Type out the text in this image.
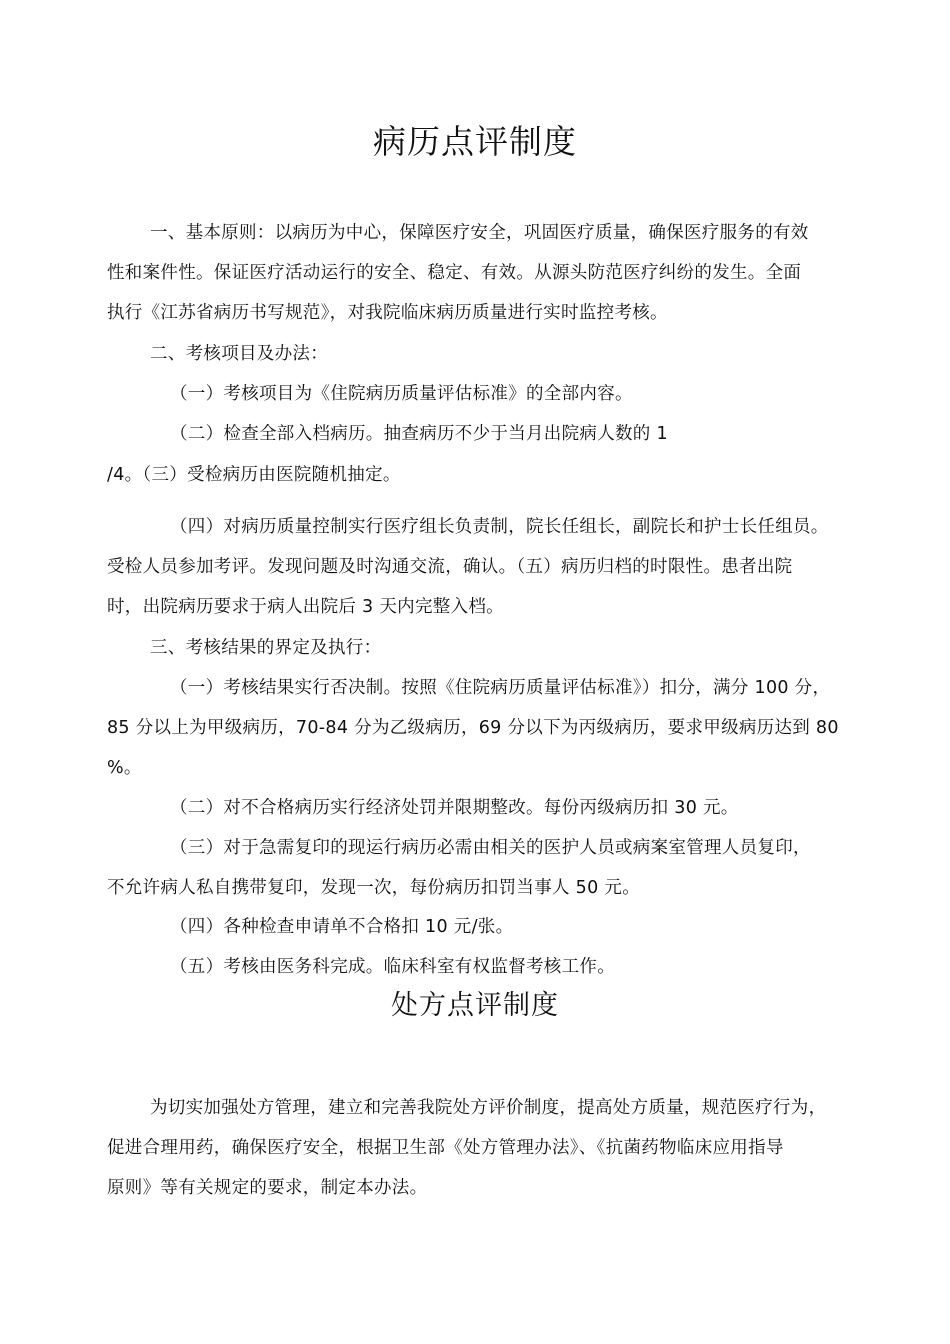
病历点评制度
一、基本原则：以病历为中心，保障医疗安全，巩固医疗质量，确保医疗服务的有效
性和案件性。保证医疗活动运行的安全、稳定、有效。从源头防范医疗纠纷的发生。全面
执行《江苏省病历书写规范》，对我院临床病历质量进行实时监控考核。
二、考核项目及办法：
（一）考核项目为《住院病历质量评估标准》的全部内容。
（二）检查全部入档病历。抽查病历不少于当月出院病人数的 1
/4。（三）受检病历由医院随机抽定。
（四）对病历质量控制实行医疗组长负责制，院长任组长，副院长和护士长任组员。
受检人员参加考评。发现问题及时沟通交流，确认。（五）病历归档的时限性。患者出院
时，出院病历要求于病人出院后 3 天内完整入档。
三、考核结果的界定及执行：
（一）考核结果实行否决制。按照《住院病历质量评估标准》）扣分，满分 100 分，
85 分以上为甲级病历，70-84 分为乙级病历，69 分以下为丙级病历，要求甲级病历达到 80
%。
（二）对不合格病历实行经济处罚并限期整改。每份丙级病历扣 30 元。
（三）对于急需复印的现运行病历必需由相关的医护人员或病案室管理人员复印，
不允许病人私自携带复印，发现一次，每份病历扣罚当事人 50 元。
（四）各种检查申请单不合格扣 10 元/张。
（五）考核由医务科完成。临床科室有权监督考核工作。
处方点评制度
为切实加强处方管理，建立和完善我院处方评价制度，提高处方质量，规范医疗行为，
促进合理用药，确保医疗安全，根据卫生部《处方管理办法》、《抗菌药物临床应用指导
原则》等有关规定的要求，制定本办法。
